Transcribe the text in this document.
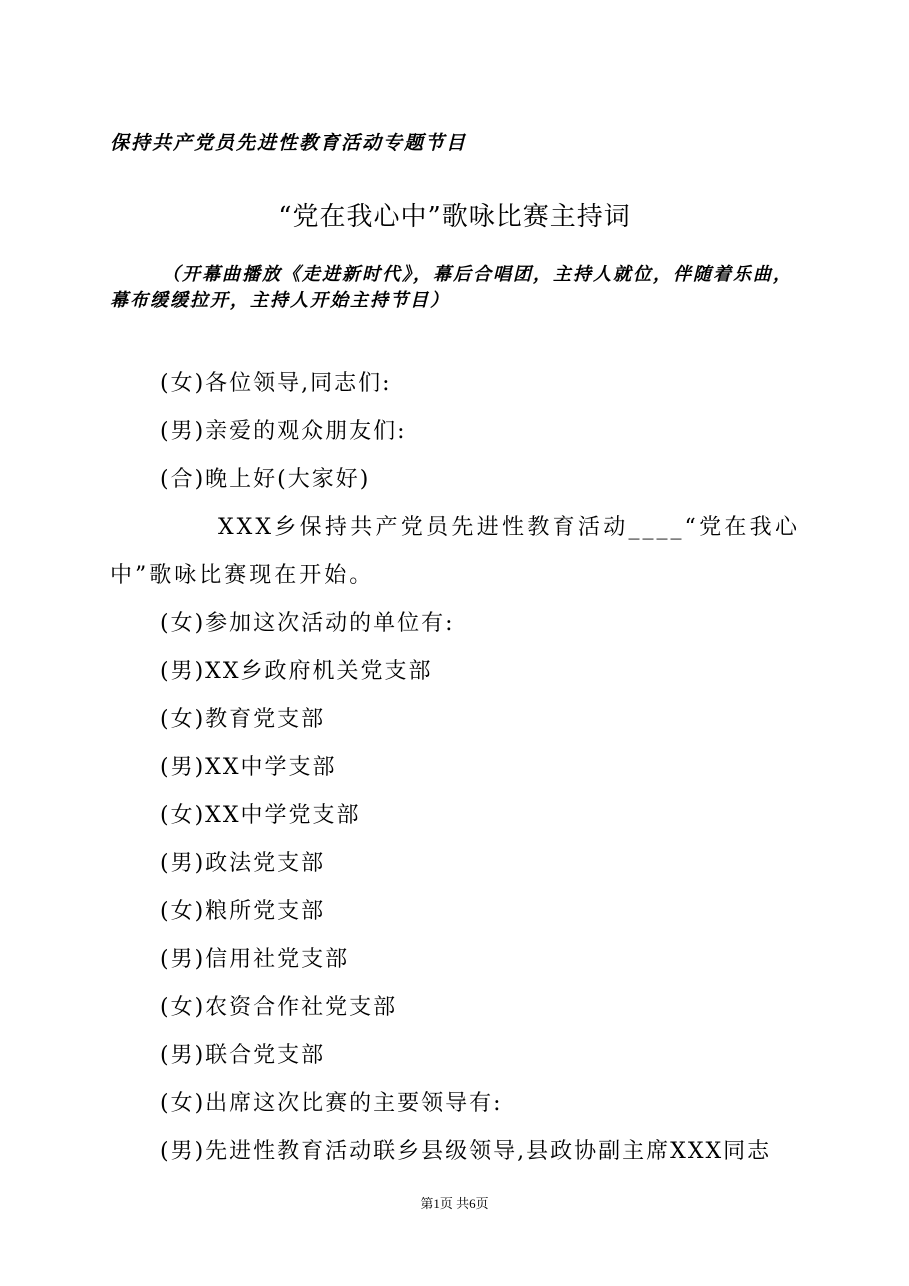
保持共产党员先进性教育活动专题节目
“党在我心中”歌咏比赛主持词
（开幕曲播放《走进新时代》，幕后合唱团，主持人就位，伴随着乐曲，幕布缓缓拉开，主持人开始主持节目）
(女)各位领导,同志们:
(男)亲爱的观众朋友们:
(合)晚上好(大家好)
XXX乡保持共产党员先进性教育活动____“党在我心中”歌咏比赛现在开始。
(女)参加这次活动的单位有:
(男)XX乡政府机关党支部
(女)教育党支部
(男)XX中学支部
(女)XX中学党支部
(男)政法党支部
(女)粮所党支部
(男)信用社党支部
(女)农资合作社党支部
(男)联合党支部
(女)出席这次比赛的主要领导有:
(男)先进性教育活动联乡县级领导,县政协副主席XXX同志
第1页 共6页
